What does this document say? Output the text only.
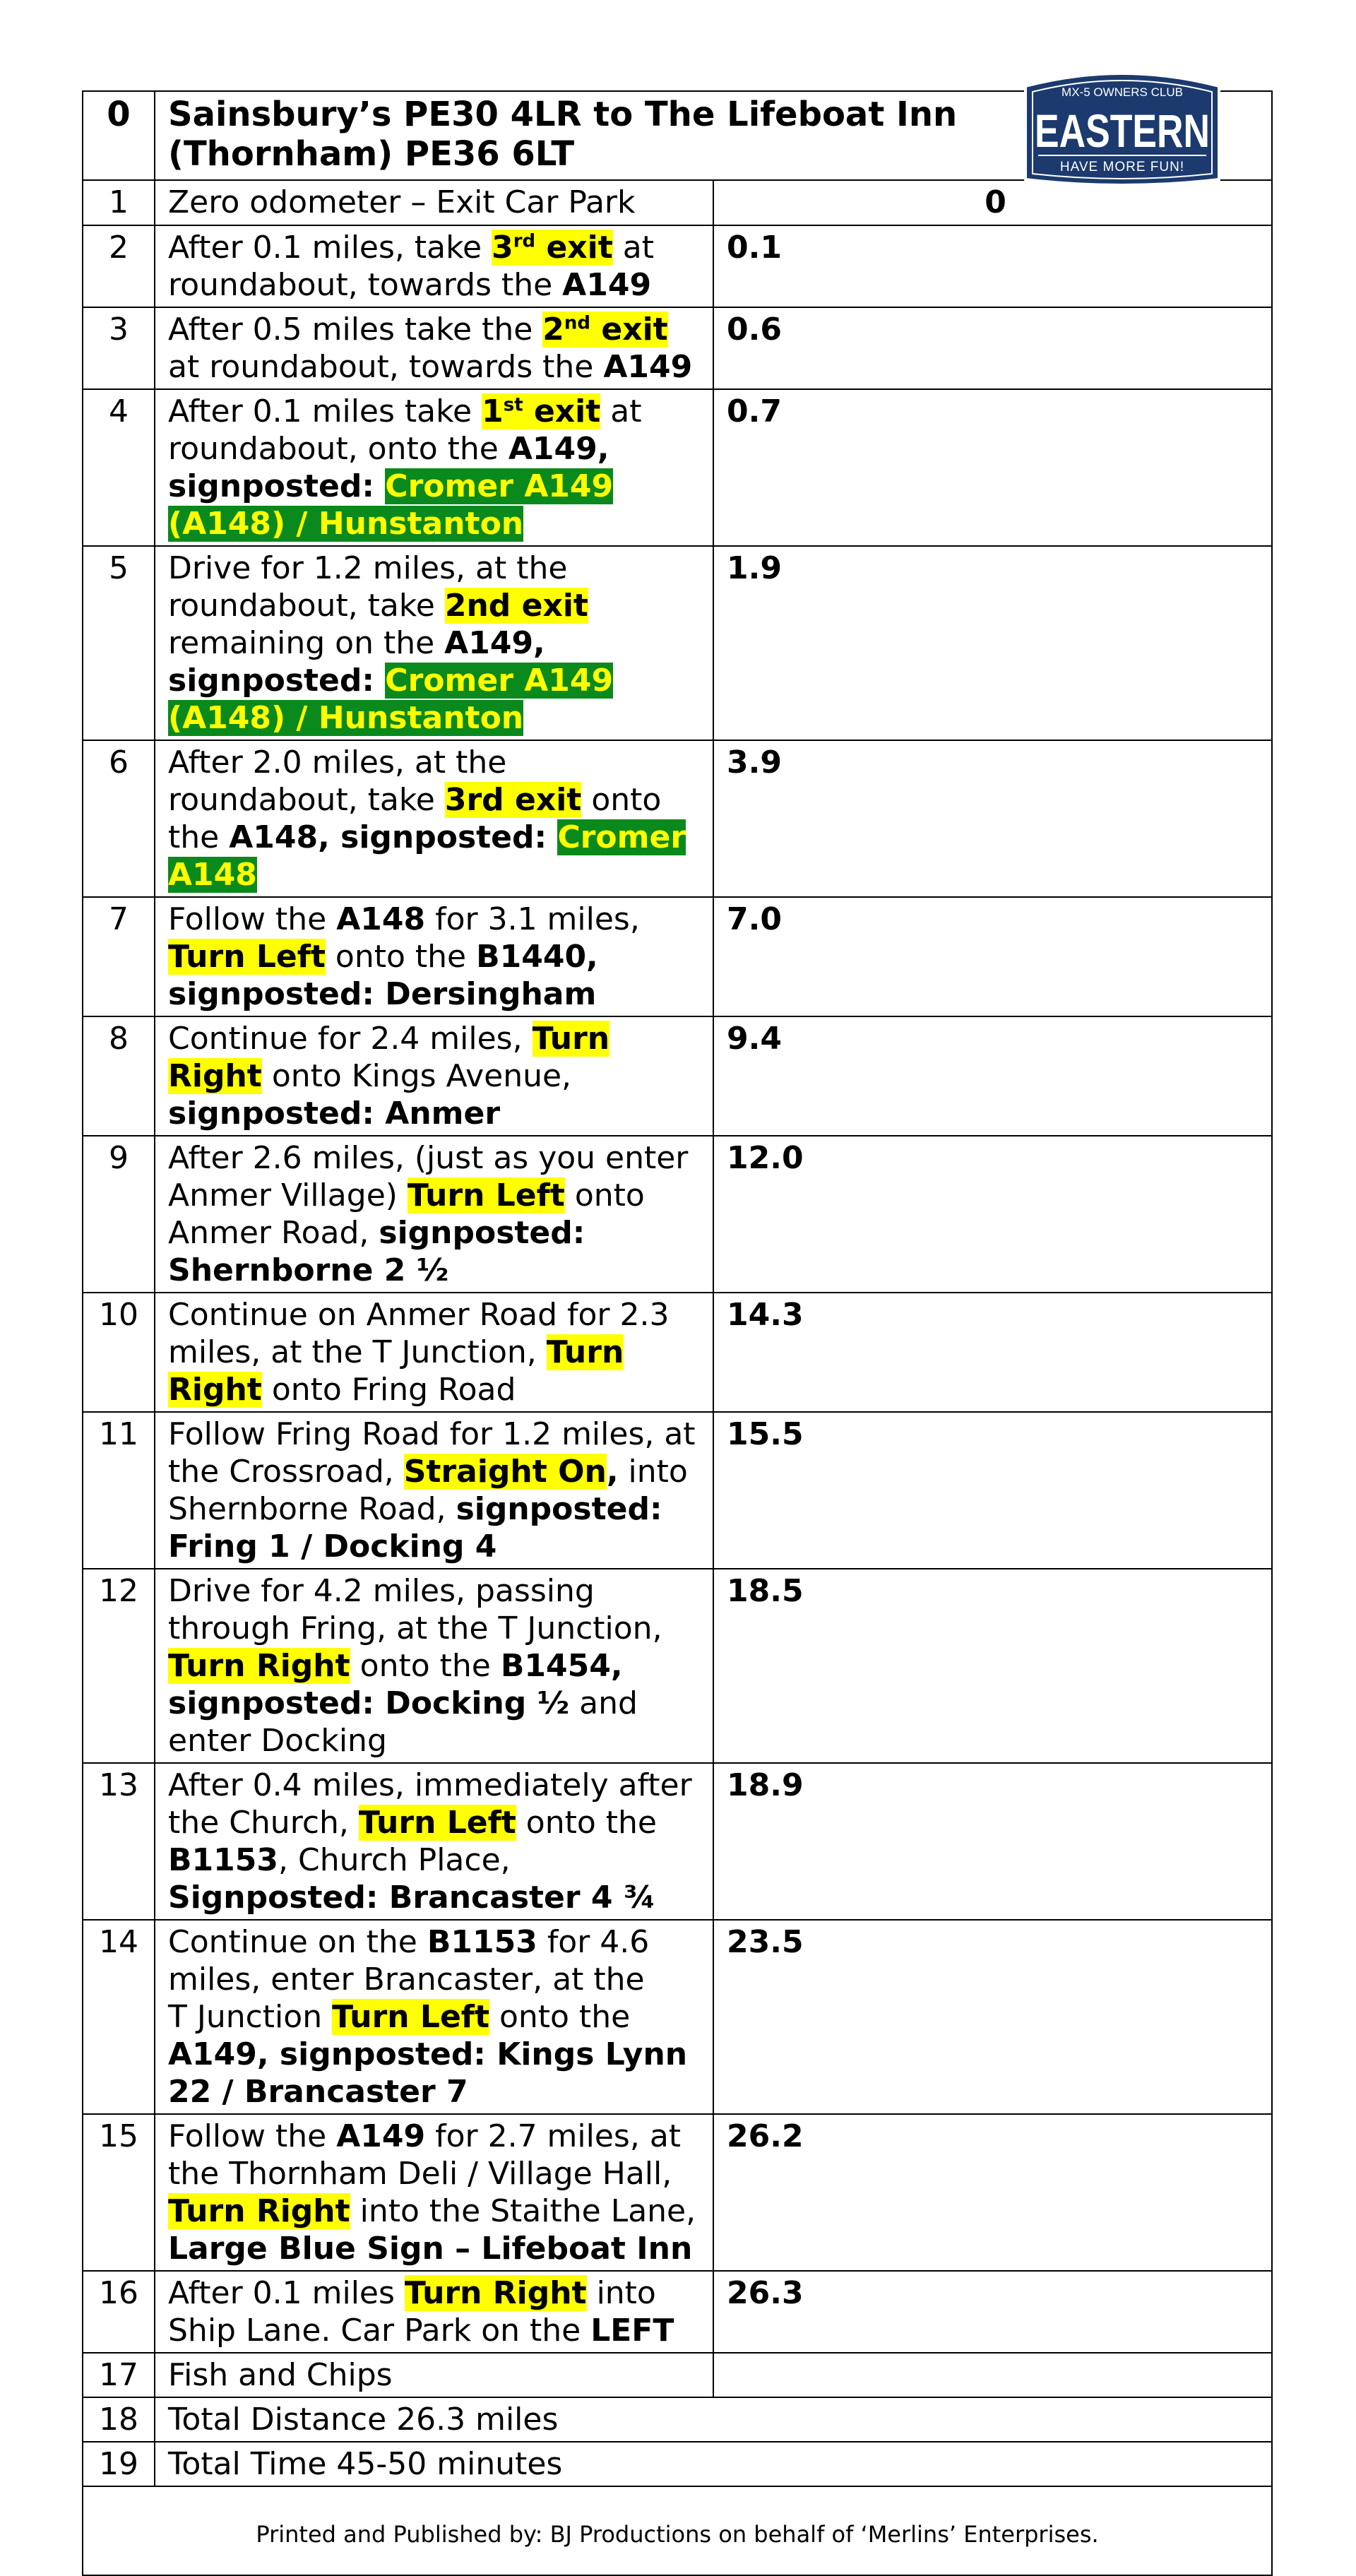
0	Sainsbury’s PE30 4LR to The Lifeboat Inn
(Thornham) PE36 6LT	
1	Zero odometer – Exit Car Park	0
2	After 0.1 miles, take 3rd exit at roundabout, towards the A149	0.1
3	After 0.5 miles take the 2nd exit at roundabout, towards the A149	0.6
4	After 0.1 miles take 1st exit at roundabout, onto the A149, signposted: Cromer A149 (A148) / Hunstanton	0.7
5	Drive for 1.2 miles, at the roundabout, take 2nd exit remaining on the A149, signposted: Cromer A149
(A148) / Hunstanton	1.9
6	After 2.0 miles, at the roundabout, take 3rd exit onto the A148, signposted: Cromer A148	3.9
7	Follow the A148 for 3.1 miles, Turn Left onto the B1440, signposted: Dersingham	7.0
8	Continue for 2.4 miles, Turn Right onto Kings Avenue, signposted: Anmer	9.4
9	After 2.6 miles, (just as you enter Anmer Village) Turn Left onto Anmer Road, signposted: Shernborne 2 ½	12.0
10	Continue on Anmer Road for 2.3 miles, at the T Junction, Turn Right onto Fring Road	14.3
11	Follow Fring Road for 1.2 miles, at the Crossroad, Straight On, into Shernborne Road, signposted: Fring 1 / Docking 4	15.5
12	Drive for 4.2 miles, passing through Fring, at the T Junction, Turn Right onto the B1454, signposted: Docking ½ and enter Docking	18.5
13	After 0.4 miles, immediately after the Church, Turn Left onto the B1153, Church Place, Signposted: Brancaster 4 ¾	18.9
14	Continue on the B1153 for 4.6 miles, enter Brancaster, at the
T Junction Turn Left onto the A149, signposted: Kings Lynn 22 / Brancaster 7	23.5
15	Follow the A149 for 2.7 miles, at the Thornham Deli / Village Hall, Turn Right into the Staithe Lane, Large Blue Sign – Lifeboat Inn	26.2
16	After 0.1 miles Turn Right into Ship Lane. Car Park on the LEFT	26.3
17	Fish and Chips	
18	Total Distance 26.3 miles	
19	Total Time 45-50 minutes	
Printed and Published by: BJ Productions on behalf of ‘Merlins’ Enterprises.		
MX-5 OWNERS CLUB
EASTERN
HAVE MORE FUN!
